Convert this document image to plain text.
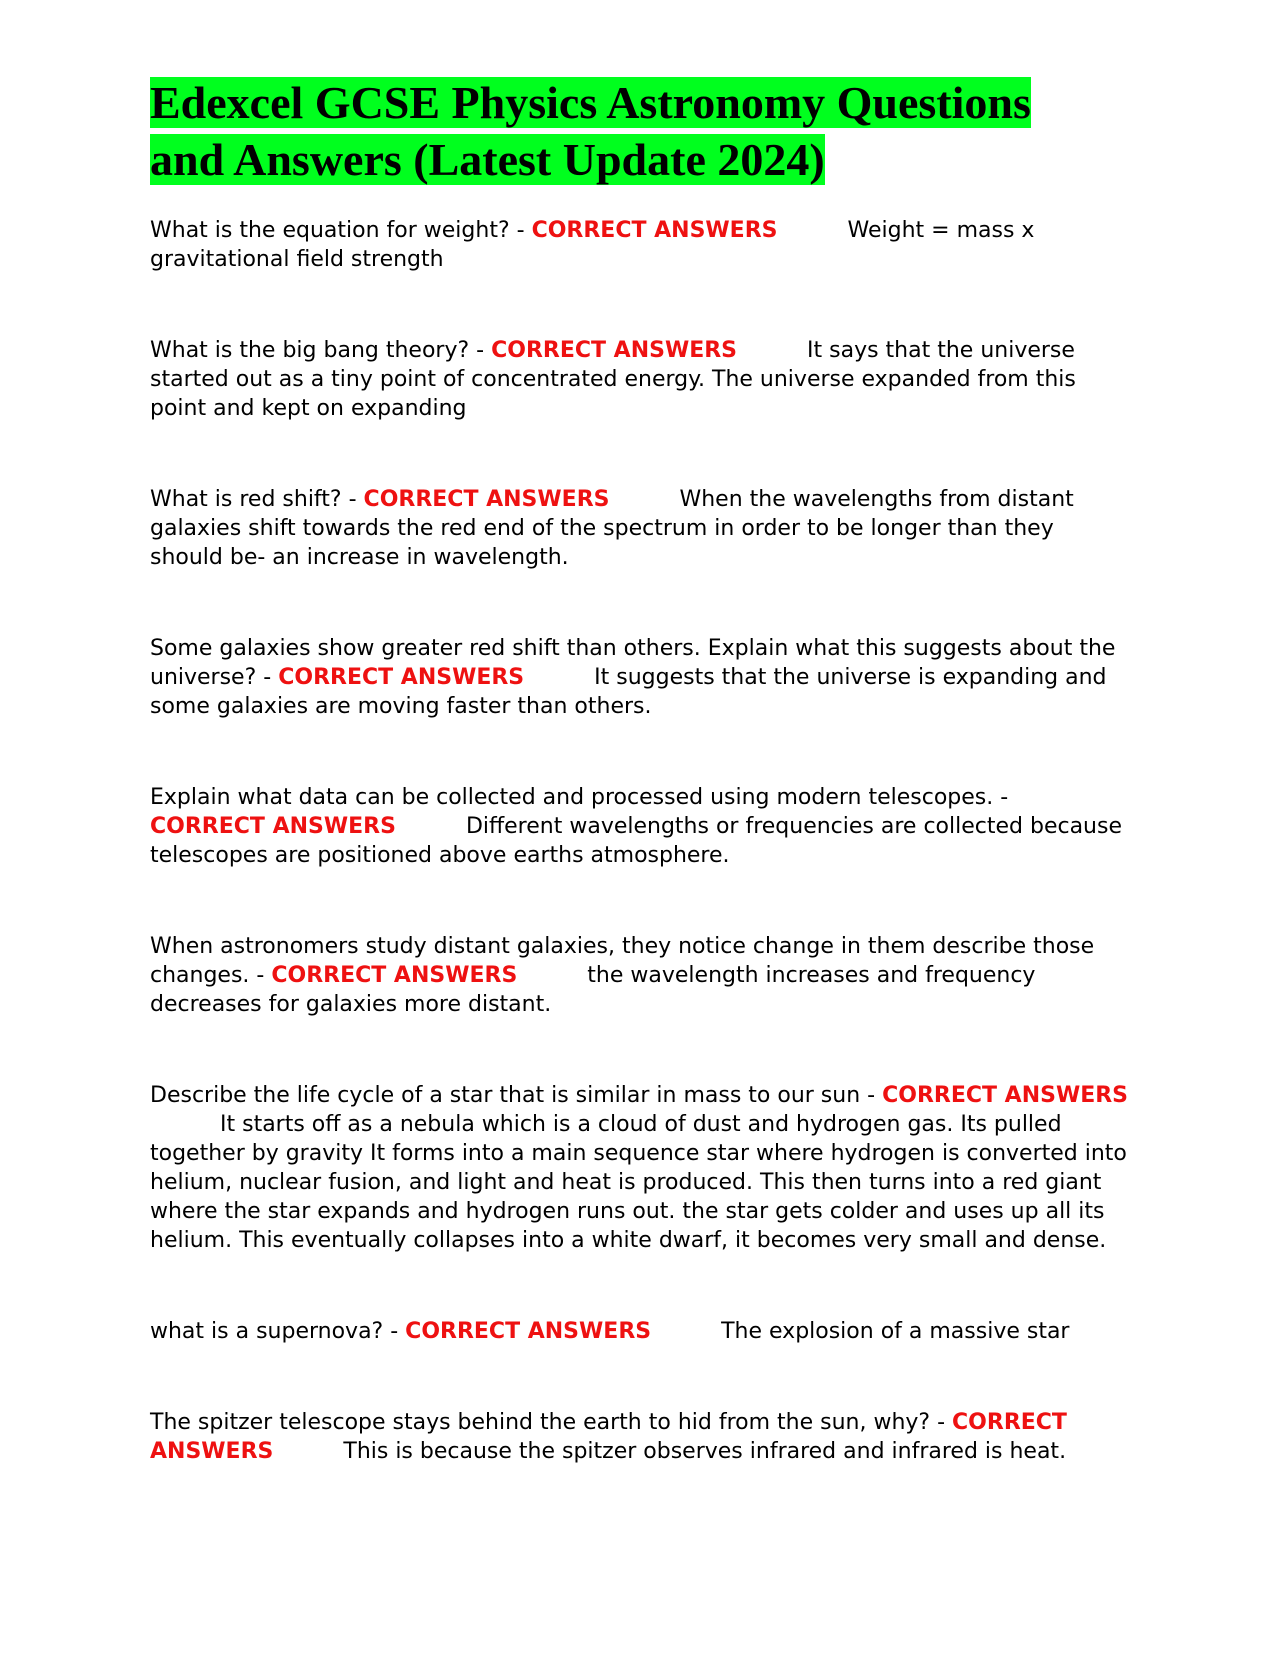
Edexcel GCSE Physics Astronomy Questions and Answers (Latest Update 2024)

What is the equation for weight? - CORRECT ANSWERS	Weight = mass x gravitational field strength

What is the big bang theory? - CORRECT ANSWERS	It says that the universe started out as a tiny point of concentrated energy. The universe expanded from this point and kept on expanding

What is red shift? - CORRECT ANSWERS	When the wavelengths from distant galaxies shift towards the red end of the spectrum in order to be longer than they should be- an increase in wavelength.

Some galaxies show greater red shift than others. Explain what this suggests about the universe? - CORRECT ANSWERS	It suggests that the universe is expanding and some galaxies are moving faster than others.

Explain what data can be collected and processed using modern telescopes. - CORRECT ANSWERS	Different wavelengths or frequencies are collected because telescopes are positioned above earths atmosphere.

When astronomers study distant galaxies, they notice change in them describe those changes. - CORRECT ANSWERS	the wavelength increases and frequency decreases for galaxies more distant.

Describe the life cycle of a star that is similar in mass to our sun - CORRECT ANSWERSIt starts off as a nebula which is a cloud of dust and hydrogen gas. Its pulled together by gravity It forms into a main sequence star where hydrogen is converted into helium, nuclear fusion, and light and heat is produced. This then turns into a red giant where the star expands and hydrogen runs out. the star gets colder and uses up all its helium. This eventually collapses into a white dwarf, it becomes very small and dense.

what is a supernova? - CORRECT ANSWERS	The explosion of a massive star

The spitzer telescope stays behind the earth to hid from the sun, why? - CORRECT ANSWERS	This is because the spitzer observes infrared and infrared is heat.
